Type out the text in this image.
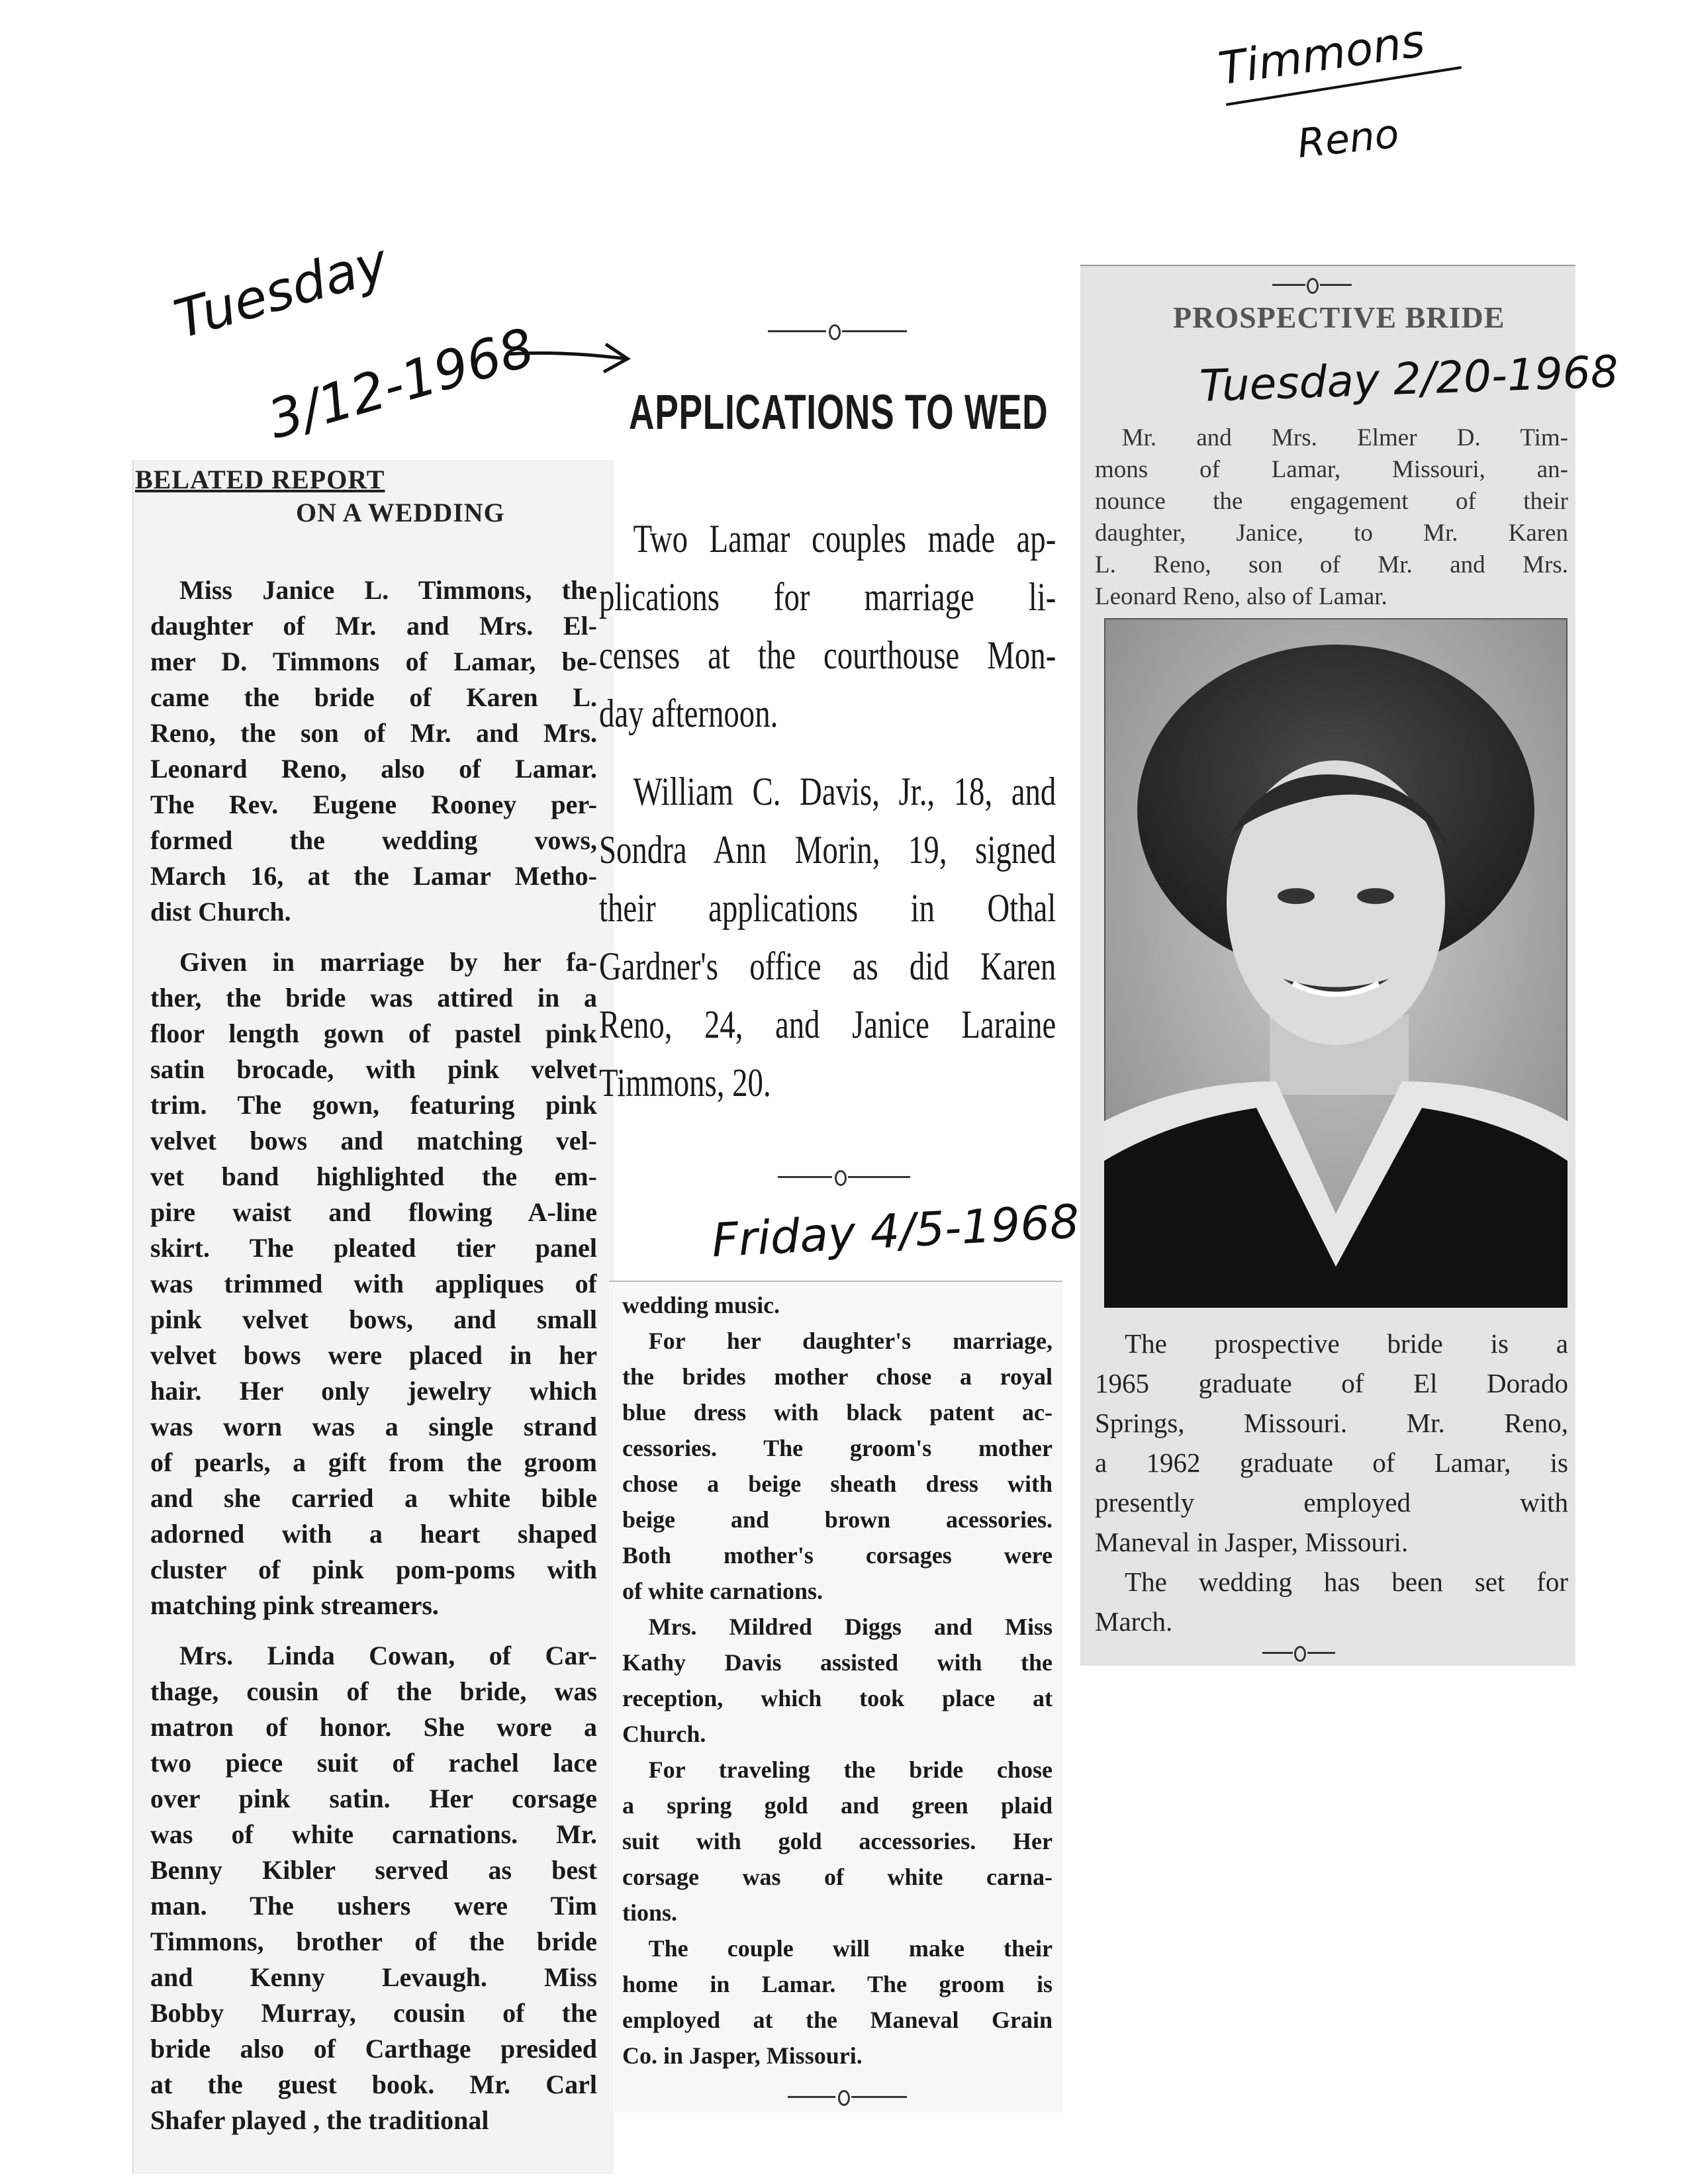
Timmons
Reno
Tuesday
3/12-1968
BELATED REPORT
ON A WEDDING
Miss Janice L. Timmons, the
daughter of Mr. and Mrs. El-
mer D. Timmons of Lamar, be-
came the bride of Karen L.
Reno, the son of Mr. and Mrs.
Leonard Reno, also of Lamar.
The Rev. Eugene Rooney per-
formed the wedding vows,
March 16, at the Lamar Metho-
dist Church.
Given in marriage by her fa-
ther, the bride was attired in a
floor length gown of pastel pink
satin brocade, with pink velvet
trim. The gown, featuring pink
velvet bows and matching vel-
vet band highlighted the em-
pire waist and flowing A-line
skirt. The pleated tier panel
was trimmed with appliques of
pink velvet bows, and small
velvet bows were placed in her
hair. Her only jewelry which
was worn was a single strand
of pearls, a gift from the groom
and she carried a white bible
adorned with a heart shaped
cluster of pink pom-poms with
matching pink streamers.
Mrs. Linda Cowan, of Car-
thage, cousin of the bride, was
matron of honor. She wore a
two piece suit of rachel lace
over pink satin. Her corsage
was of white carnations. Mr.
Benny Kibler served as best
man. The ushers were Tim
Timmons, brother of the bride
and Kenny Levaugh. Miss
Bobby Murray, cousin of the
bride also of Carthage presided
at the guest book. Mr. Carl
Shafer played , the traditional
APPLICATIONS TO WED
Two Lamar couples made ap-
plications for marriage li-
censes at the courthouse Mon-
day afternoon.
William C. Davis, Jr., 18, and
Sondra Ann Morin, 19, signed
their applications in Othal
Gardner's office as did Karen
Reno, 24, and Janice Laraine
Timmons, 20.
Friday 4/5-1968
wedding music.
For her daughter's marriage,
the brides mother chose a royal
blue dress with black patent ac-
cessories. The groom's mother
chose a beige sheath dress with
beige and brown acessories.
Both mother's corsages were
of white carnations.
Mrs. Mildred Diggs and Miss
Kathy Davis assisted with the
reception, which took place at
Church.
For traveling the bride chose
a spring gold and green plaid
suit with gold accessories. Her
corsage was of white carna-
tions.
The couple will make their
home in Lamar. The groom is
employed at the Maneval Grain
Co. in Jasper, Missouri.
PROSPECTIVE BRIDE
Tuesday 2/20-1968
Mr. and Mrs. Elmer D. Tim-
mons of Lamar, Missouri, an-
nounce the engagement of their
daughter, Janice, to Mr. Karen
L. Reno, son of Mr. and Mrs.
Leonard Reno, also of Lamar.
The prospective bride is a
1965 graduate of El Dorado
Springs, Missouri. Mr. Reno,
a 1962 graduate of Lamar, is
presently employed with
Maneval in Jasper, Missouri.
The wedding has been set for
March.
